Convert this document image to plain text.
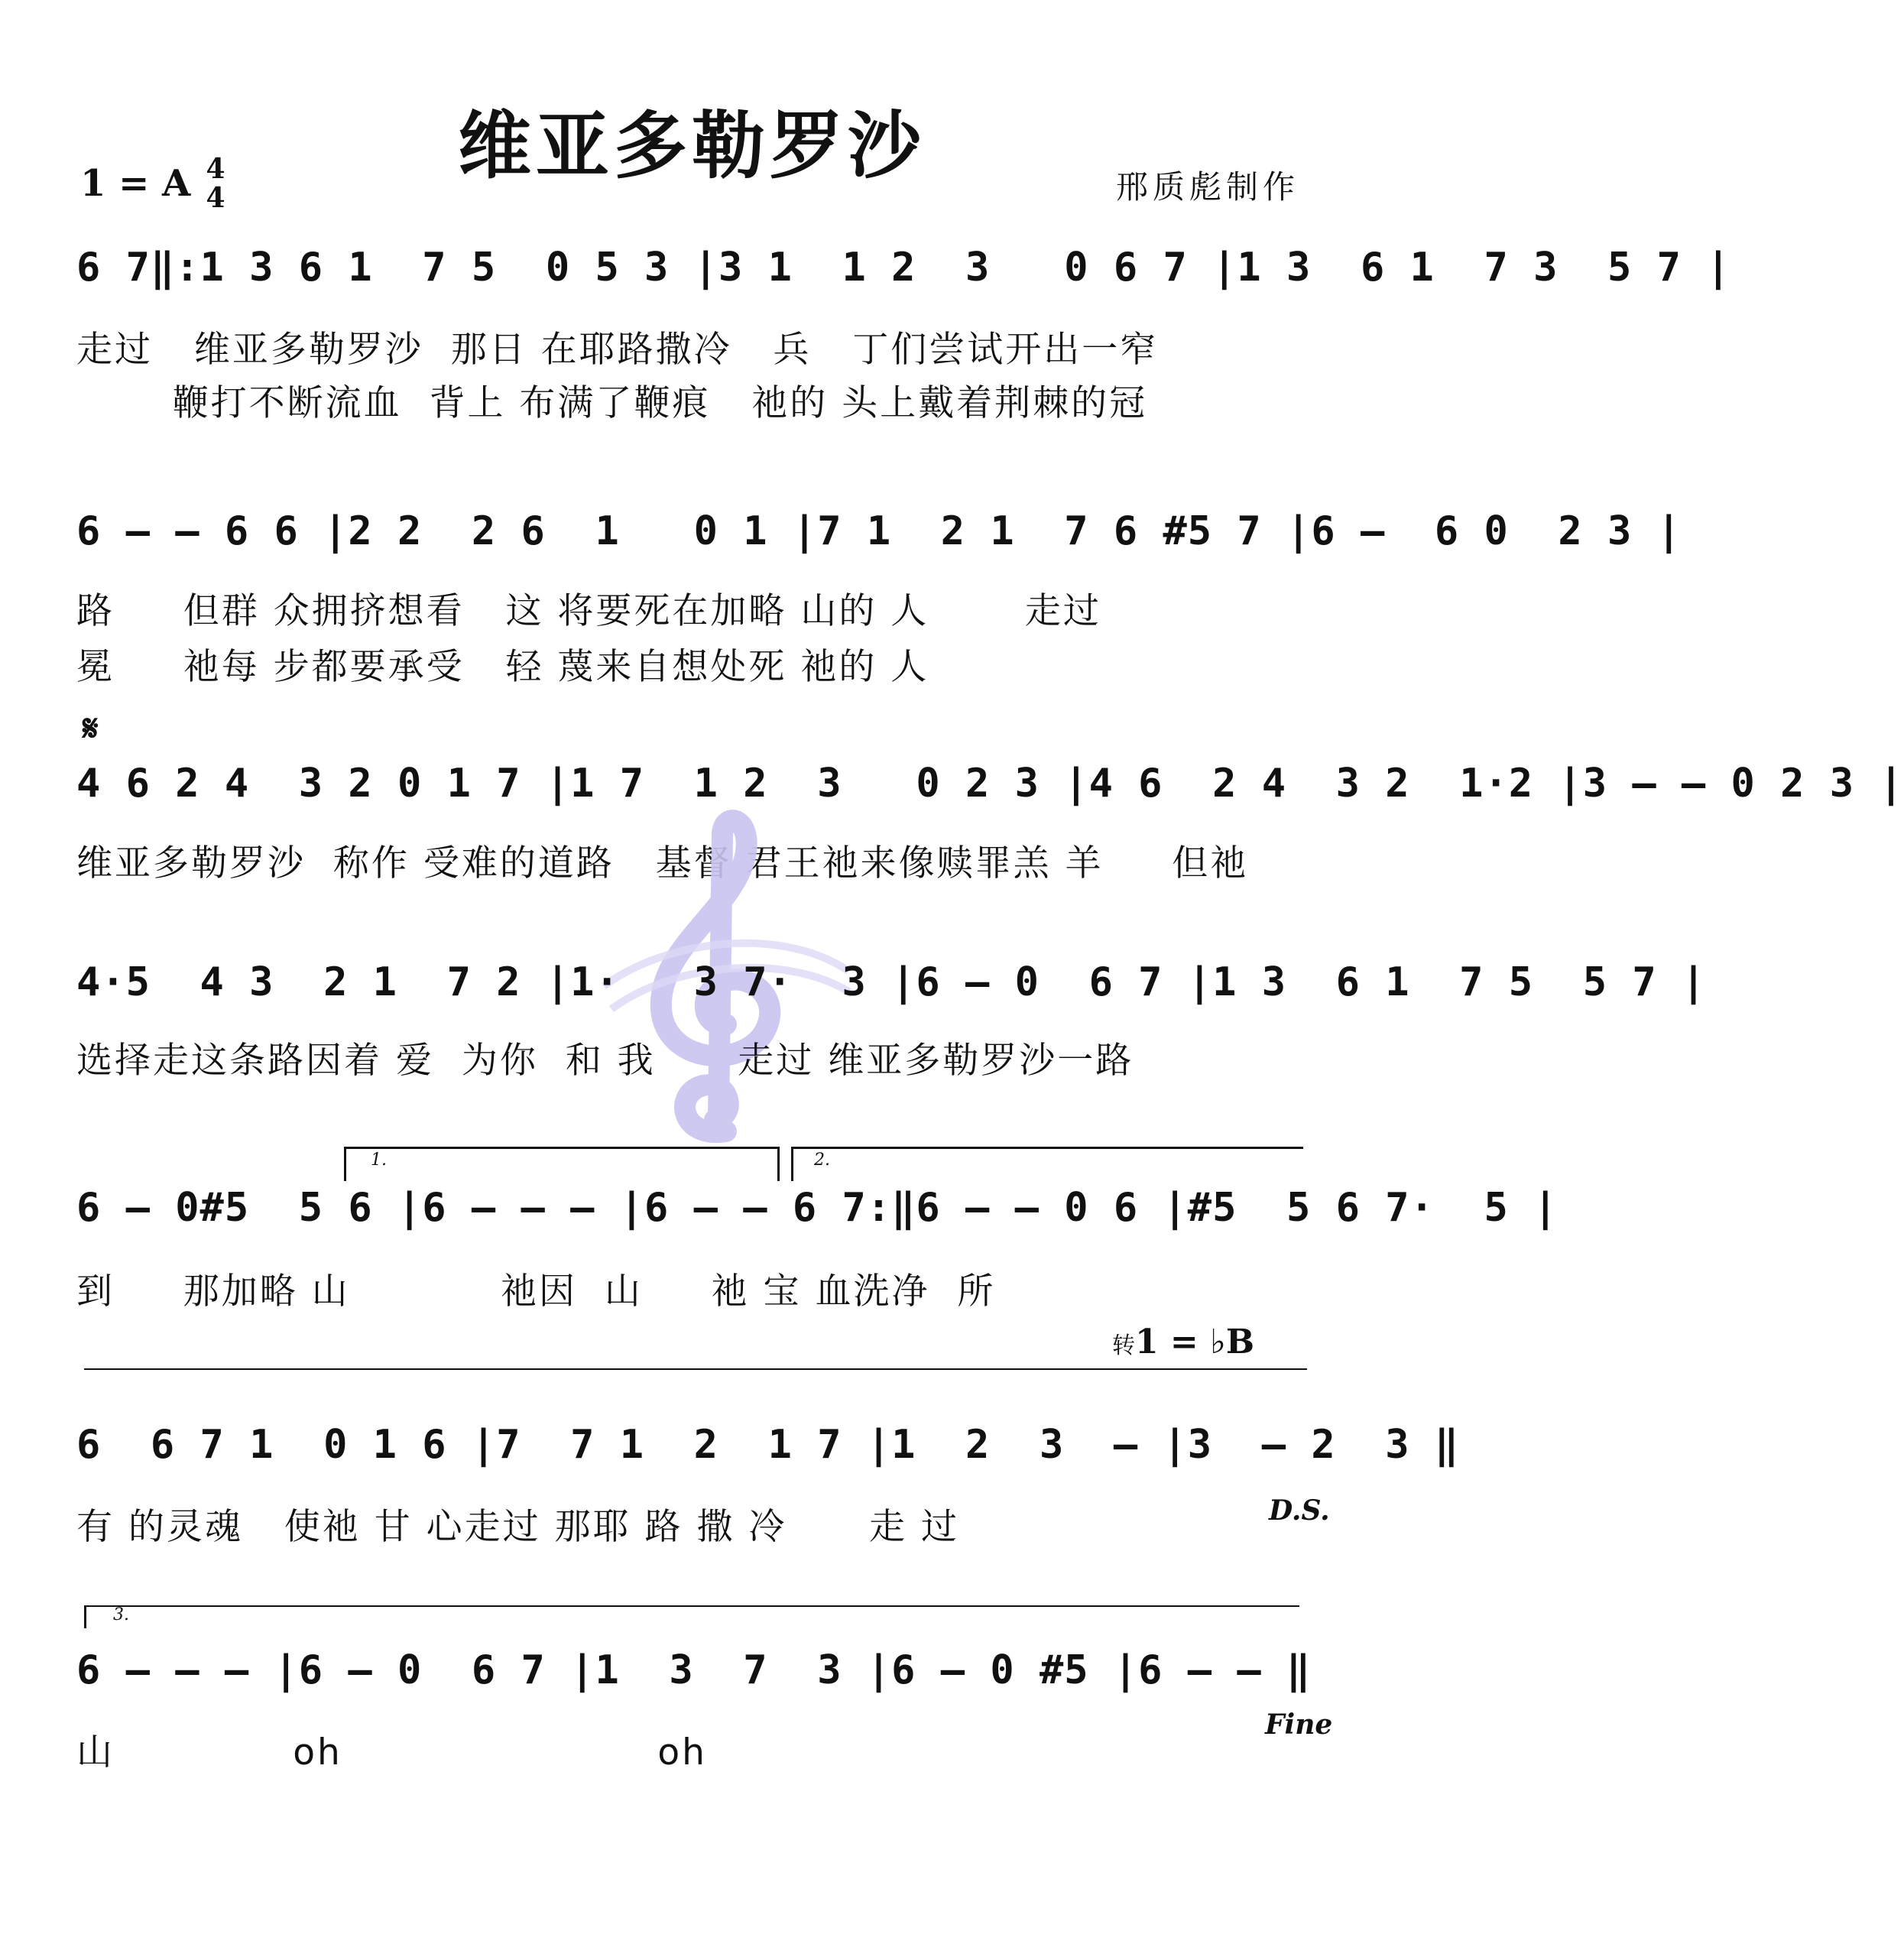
维亚多勒罗沙
1 = A 4
4	邢质彪制作
6 7‖:1 3 6 1  7 5  0 5 3 |3 1  1 2  3   0 6 7 |1 3  6 1  7 3  5 7 |
走过   维亚多勒罗沙  那日 在耶路撒冷   兵   丁们尝试开出一窄
鞭打不断流血  背上 布满了鞭痕   祂的 头上戴着荆棘的冠
6 – – 6 6 |2 2  2 6  1   0 1 |7 1  2 1  7 6 #5 7 |6 –  6 0  2 3 |
路     但群 众拥挤想看   这 将要死在加略 山的 人       走过
冕     祂每 步都要承受   轻 蔑来自想处死 祂的 人
𝄋
4 6 2 4  3 2 0 1 7 |1 7  1 2  3   0 2 3 |4 6  2 4  3 2  1·2 |3 – – 0 2 3 |
维亚多勒罗沙  称作 受难的道路   基督 君王祂来像赎罪羔 羊     但祂
4·5  4 3  2 1  7 2 |1·   3 7·  3 |6 – 0  6 7 |1 3  6 1  7 5  5 7 |
选择走这条路因着 爱  为你  和 我      走过 维亚多勒罗沙一路
1.	2.
6 – 0#5  5 6 |6 – – – |6 – – 6 7:‖6 – – 0 6 |#5  5 6 7·  5 |
到     那加略 山           祂因  山     祂 宝 血洗净  所
转1 = ♭B
6  6 7 1  0 1 6 |7  7 1  2  1 7 |1  2  3  – |3  – 2  3 ‖
有 的灵魂   使祂 甘 心走过 那耶 路 撒 冷      走 过	D.S.
3.
6 – – – |6 – 0  6 7 |1  3  7  3 |6 – 0 #5 |6 – – ‖
山             oh                       oh
Fine
